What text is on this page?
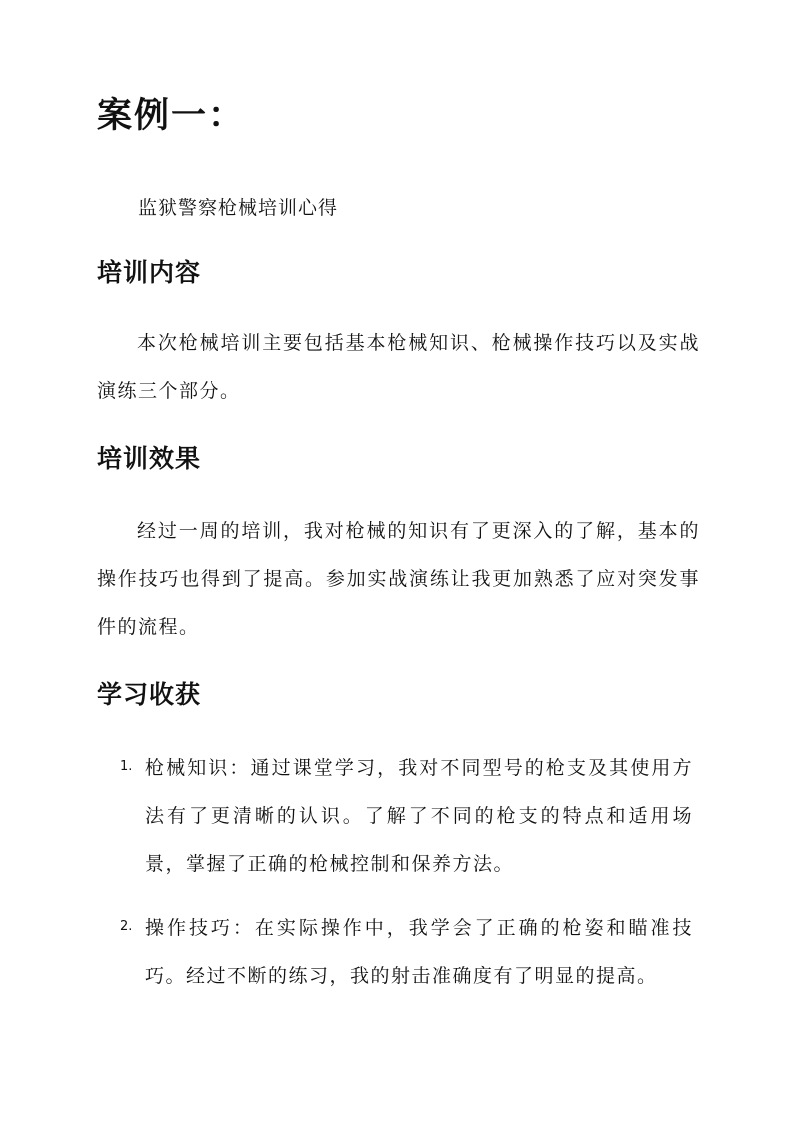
案例一：

监狱警察枪械培训心得

培训内容

本次枪械培训主要包括基本枪械知识、枪械操作技巧以及实战演练三个部分。

培训效果

经过一周的培训，我对枪械的知识有了更深入的了解，基本的操作技巧也得到了提高。参加实战演练让我更加熟悉了应对突发事件的流程。

学习收获
1. 枪械知识：通过课堂学习，我对不同型号的枪支及其使用方法有了更清晰的认识。了解了不同的枪支的特点和适用场景，掌握了正确的枪械控制和保养方法。
2. 操作技巧：在实际操作中，我学会了正确的枪姿和瞄准技巧。经过不断的练习，我的射击准确度有了明显的提高。
